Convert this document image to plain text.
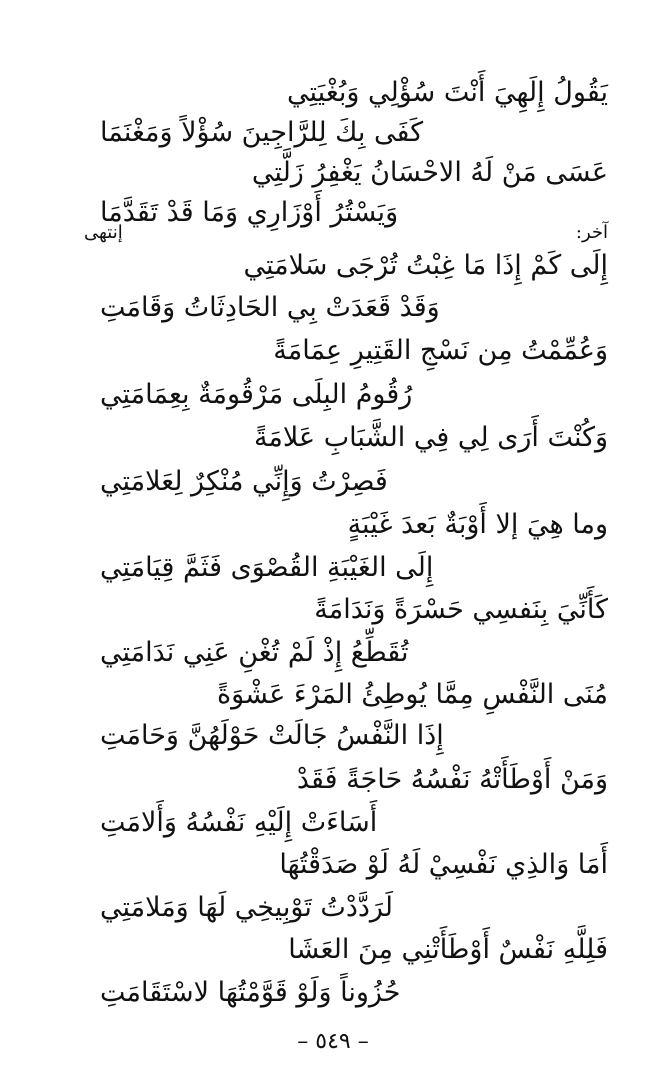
يَقُولُ إِلَهِيَ أَنْتَ سُؤْلِي وَبُغْيَتِي
كَفَى بِكَ لِلرَّاجِينَ سُؤْلاً وَمَغْنَمَا
عَسَى مَنْ لَهُ الاحْسَانُ يَغْفِرُ زَلَّتِي
وَيَسْتُرُ أَوْزَارِي وَمَا قَدْ تَقَدَّمَا
إنتهى	آخر:
إِلَى كَمْ إِذَا مَا غِبْتُ تُرْجَى سَلامَتِي
وَقَدْ قَعَدَتْ بِي الحَادِثَاتُ وَقَامَتِ
وَعُمِّمْتُ مِن نَسْجِ القَتِيرِ عِمَامَةً
رُقُومُ البِلَى مَرْقُومَةٌ بِعِمَامَتِي
وَكُنْتَ أَرَى لِي فِي الشَّبَابِ عَلامَةً
فَصِرْتُ وَإِنِّي مُنْكِرٌ لِعَلامَتِي
وما هِيَ إلا أَوْبَةٌ بَعدَ غَيْبَةٍ
إِلَى الغَيْبَةِ القُصْوَى فَثَمَّ قِيَامَتِي
كَأَنِّيَ بِنَفسِي حَسْرَةً وَنَدَامَةً
تُقَطِّعُ إِذْ لَمْ تُغْنِ عَنِي نَدَامَتِي
مُنَى النَّفْسِ مِمَّا يُوطِئُ المَرْءَ عَشْوَةً
إِذَا النَّفْسُ جَالَتْ حَوْلَهُنَّ وَحَامَتِ
وَمَنْ أَوْطَأَتْهُ نَفْسُهُ حَاجَةً فَقَدْ
أَسَاءَتْ إِلَيْهِ نَفْسُهُ وَأَلامَتِ
أَمَا وَالذِي نَفْسِيْ لَهُ لَوْ صَدَقْتُهَا
لَرَدَّدْتُ تَوْبِيخِي لَهَا وَمَلامَتِي
فَلِلَّهِ نَفْسٌ أَوْطَأَتْنِي مِنَ العَشَا
حُزُوناً وَلَوْ قَوَّمْتُهَا لاسْتَقَامَتِ
– ٥٤٩ –
